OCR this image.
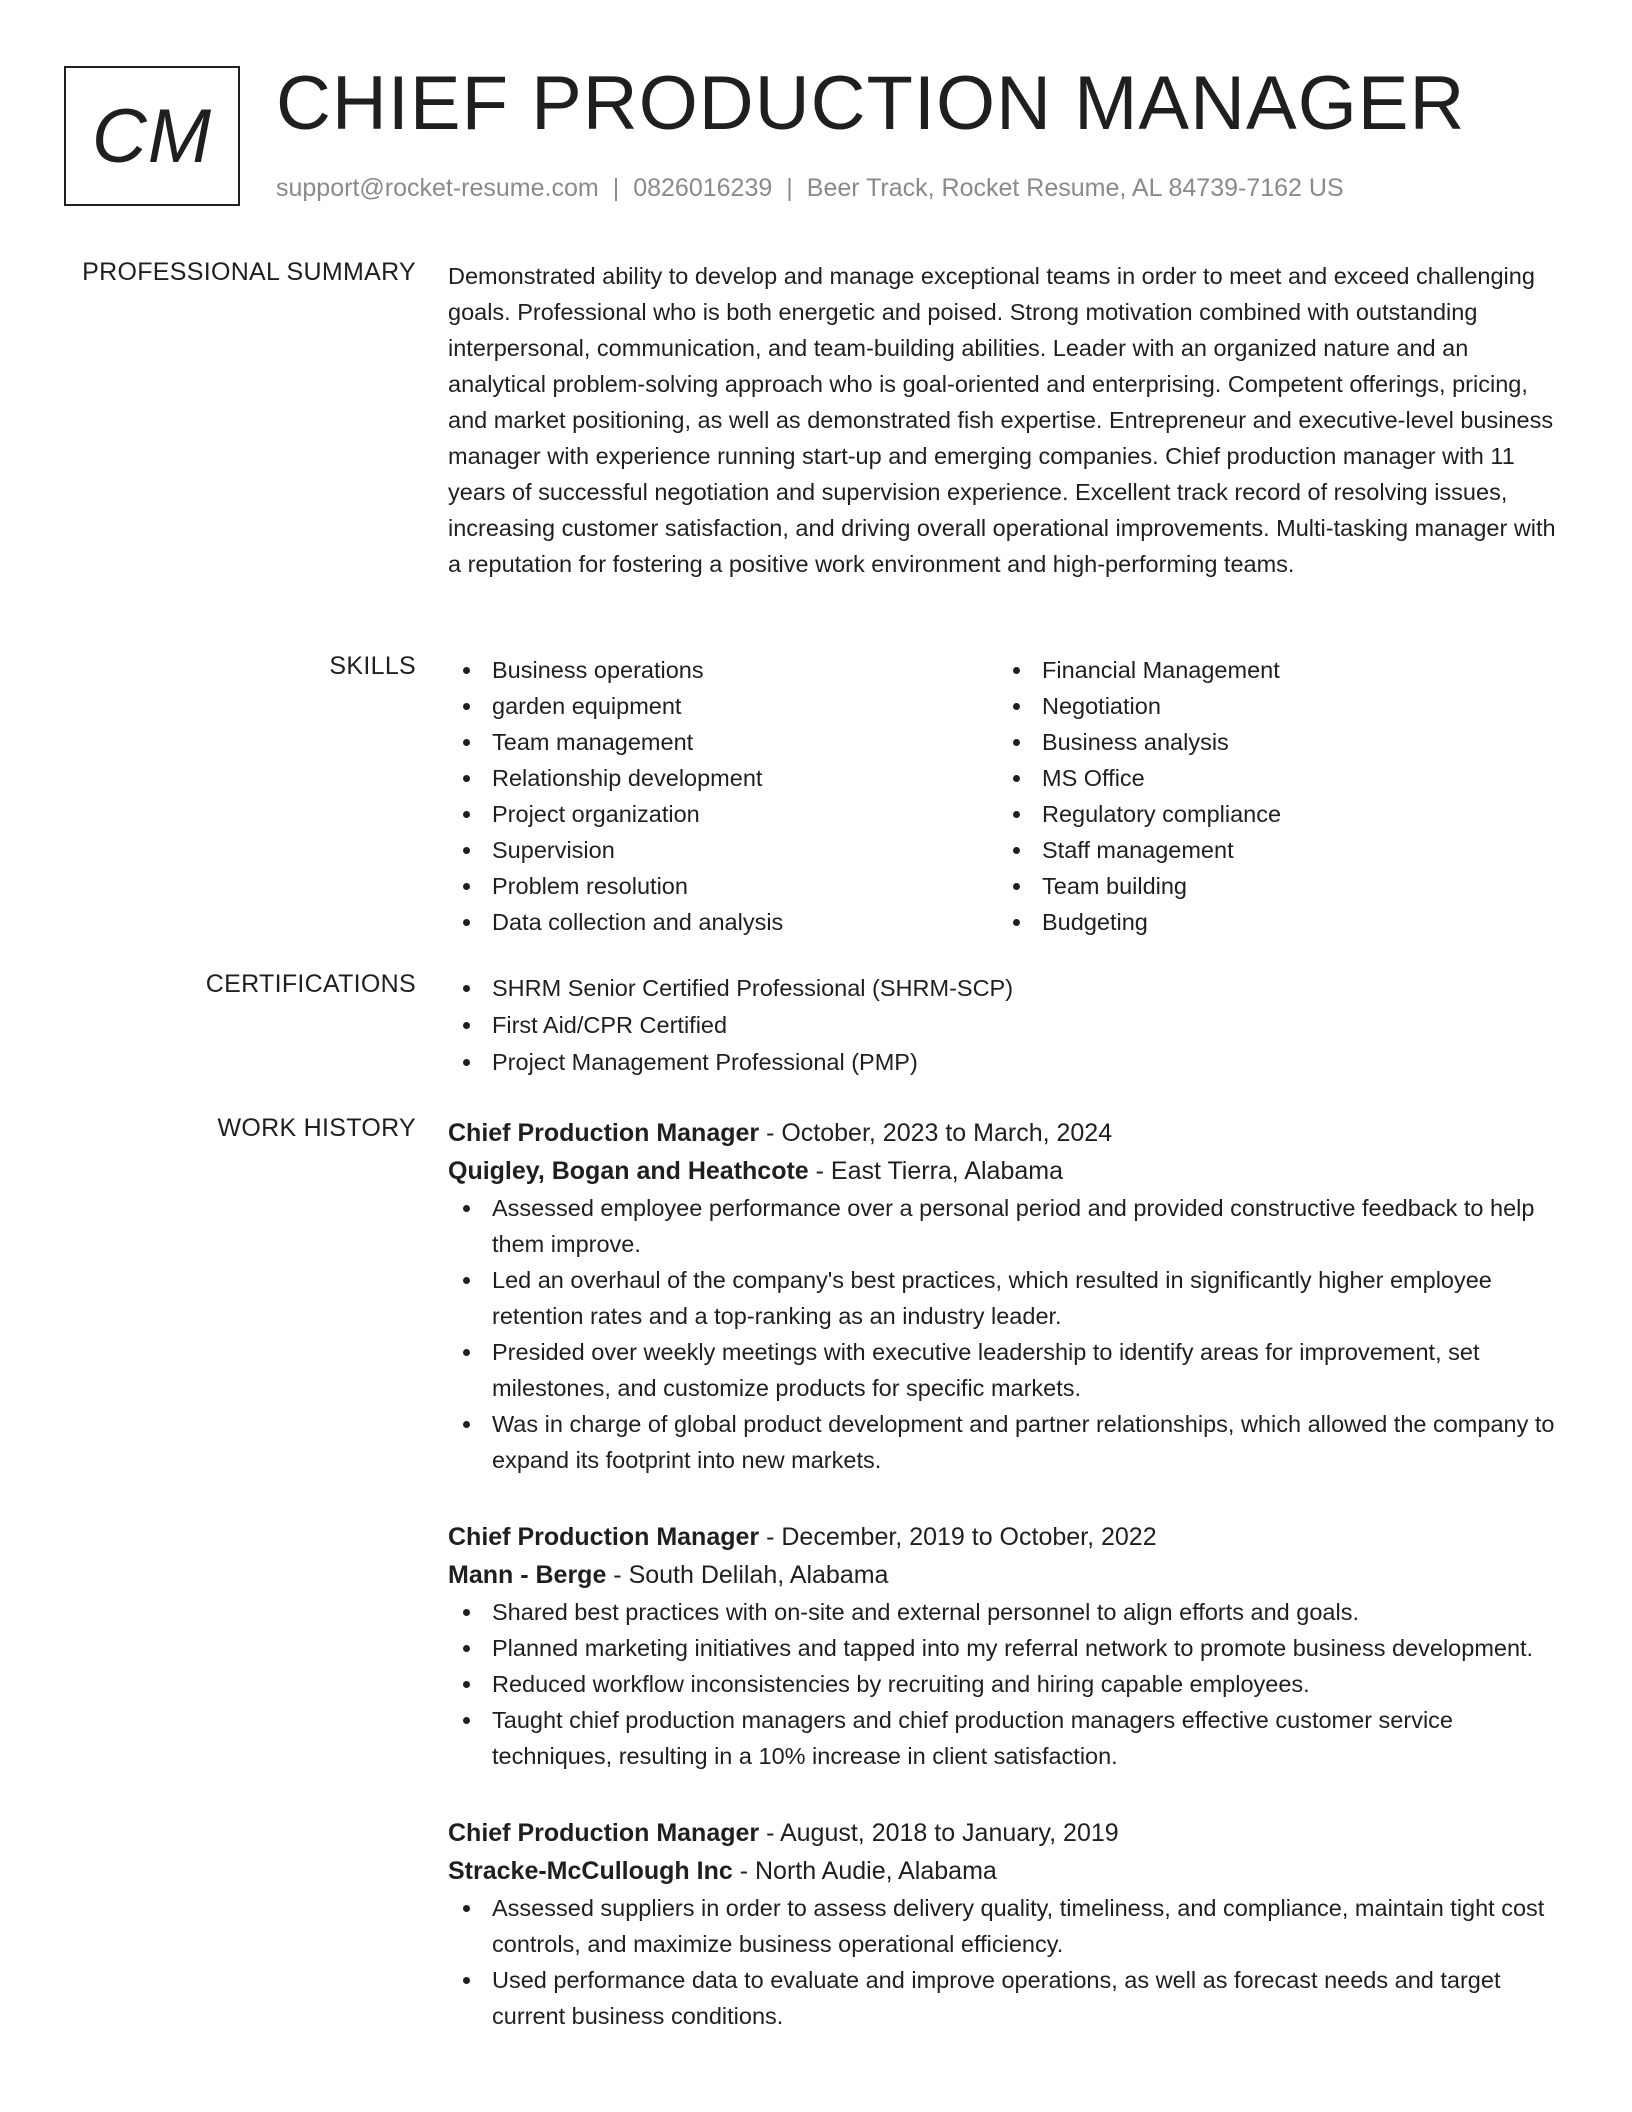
CM CHIEF PRODUCTION MANAGER
support@rocket-resume.com | 0826016239 | Beer Track, Rocket Resume, AL 84739-7162 US
PROFESSIONAL SUMMARY Demonstrated ability to develop and manage exceptional teams in order to meet and exceed challenging goals. Professional who is both energetic and poised. Strong motivation combined with outstanding interpersonal, communication, and team-building abilities. Leader with an organized nature and an analytical problem-solving approach who is goal-oriented and enterprising. Competent offerings, pricing, and market positioning, as well as demonstrated fish expertise. Entrepreneur and executive-level business manager with experience running start-up and emerging companies. Chief production manager with 11 years of successful negotiation and supervision experience. Excellent track record of resolving issues, increasing customer satisfaction, and driving overall operational improvements. Multi-tasking manager with a reputation for fostering a positive work environment and high-performing teams.
SKILLS	Business operations
garden equipment
Team management
Relationship development
Project organization
Supervision
Problem resolution
Data collection and analysis
Financial Management
Negotiation
Business analysis
MS Office
Regulatory compliance
Staff management
Team building
Budgeting
CERTIFICATIONS	SHRM Senior Certified Professional (SHRM-SCP)
First Aid/CPR Certified
Project Management Professional (PMP)
WORK HISTORY Chief Production Manager - October, 2023 to March, 2024
Quigley, Bogan and Heathcote - East Tierra, Alabama
Assessed employee performance over a personal period and provided constructive feedback to help them improve.
Led an overhaul of the company's best practices, which resulted in significantly higher employee retention rates and a top-ranking as an industry leader.
Presided over weekly meetings with executive leadership to identify areas for improvement, set milestones, and customize products for specific markets.
Was in charge of global product development and partner relationships, which allowed the company to expand its footprint into new markets.
Chief Production Manager - December, 2019 to October, 2022
Mann - Berge - South Delilah, Alabama
Shared best practices with on-site and external personnel to align efforts and goals.
Planned marketing initiatives and tapped into my referral network to promote business development.
Reduced workflow inconsistencies by recruiting and hiring capable employees.
Taught chief production managers and chief production managers effective customer service techniques, resulting in a 10% increase in client satisfaction.
Chief Production Manager - August, 2018 to January, 2019
Stracke-McCullough Inc - North Audie, Alabama
Assessed suppliers in order to assess delivery quality, timeliness, and compliance, maintain tight cost controls, and maximize business operational efficiency.
Used performance data to evaluate and improve operations, as well as forecast needs and target current business conditions.
